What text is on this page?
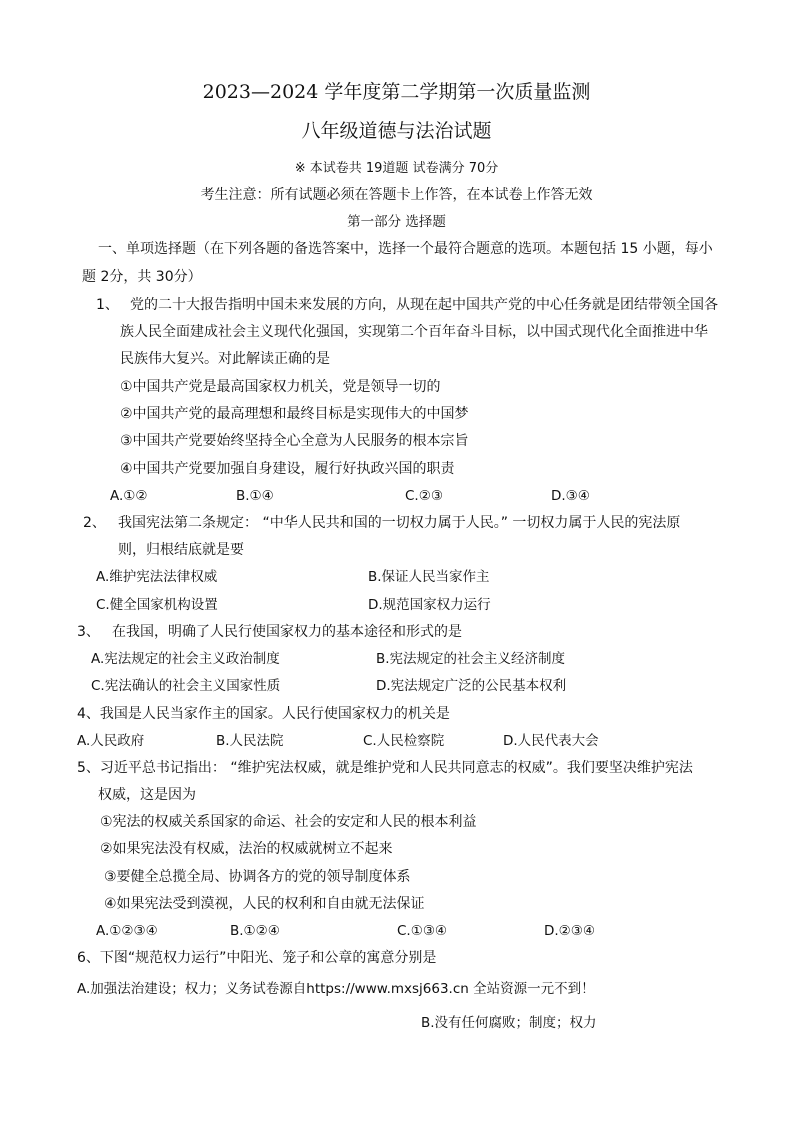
2023—2024 学年度第二学期第一次质量监测
八年级道德与法治试题
※ 本试卷共 19道题 试卷满分 70分
考生注意：所有试题必须在答题卡上作答，在本试卷上作答无效
第一部分 选择题
一、单项选择题（在下列各题的备选答案中，选择一个最符合题意的选项。本题包括 15 小题，每小
题 2分，共 30分）
1、 党的二十大报告指明中国未来发展的方向，从现在起中国共产党的中心任务就是团结带领全国各
族人民全面建成社会主义现代化强国，实现第二个百年奋斗目标，以中国式现代化全面推进中华
民族伟大复兴。对此解读正确的是
①中国共产党是最高国家权力机关，党是领导一切的
②中国共产党的最高理想和最终目标是实现伟大的中国梦
③中国共产党要始终坚持全心全意为人民服务的根本宗旨
④中国共产党要加强自身建设，履行好执政兴国的职责
A.①②	B.①④	C.②③	D.③④
2、 我国宪法第二条规定： “中华人民共和国的一切权力属于人民。” 一切权力属于人民的宪法原
则，归根结底就是要
A.维护宪法法律权威	B.保证人民当家作主
C.健全国家机构设置	D.规范国家权力运行
3、 在我国，明确了人民行使国家权力的基本途径和形式的是
A.宪法规定的社会主义政治制度	B.宪法规定的社会主义经济制度
C.宪法确认的社会主义国家性质	D.宪法规定广泛的公民基本权利
4、我国是人民当家作主的国家。人民行使国家权力的机关是
A.人民政府	B.人民法院	C.人民检察院	D.人民代表大会
5、习近平总书记指出： “维护宪法权威，就是维护党和人民共同意志的权威”。我们要坚决维护宪法
权威，这是因为
①宪法的权威关系国家的命运、社会的安定和人民的根本利益
②如果宪法没有权威，法治的权威就树立不起来
③要健全总揽全局、协调各方的党的领导制度体系
④如果宪法受到漠视，人民的权利和自由就无法保证
A.①②③④	B.①②④	C.①③④	D.②③④
6、下图“规范权力运行”中阳光、笼子和公章的寓意分别是
A.加强法治建设；权力；义务试卷源自https://www.mxsj663.cn 全站资源一元不到！
B.没有任何腐败；制度；权力
